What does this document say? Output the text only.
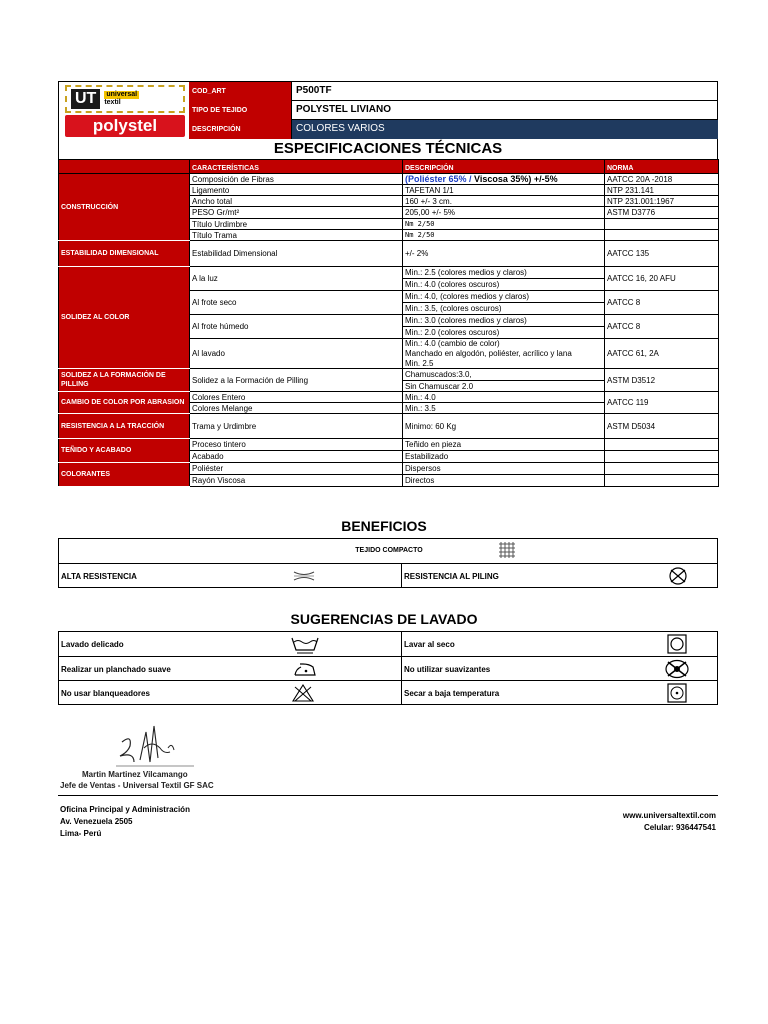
UT	universal
textil
polystel
COD_ART	P500TF
TIPO DE TEJIDO	POLYSTEL LIVIANO
DESCRIPCIÓN	COLORES VARIOS
ESPECIFICACIONES TÉCNICAS
	CARACTERÍSTICAS	DESCRIPCIÓN	NORMA
CONSTRUCCIÓN	Composición de Fibras	(Poliéster 65% / Viscosa 35%) +/-5%	AATCC 20A -2018
	Ligamento	TAFETAN 1/1	NTP 231.141
	Ancho total	160 +/- 3 cm.	NTP 231.001:1967
	PESO Gr/mt²	205,00 +/- 5%	ASTM D3776
	Título Urdimbre	Nm 2/50	
	Título Trama	Nm 2/50	
ESTABILIDAD DIMENSIONAL	Estabilidad Dimensional	+/- 2%	AATCC 135
SOLIDEZ AL COLOR	A la luz	Min.: 2.5 (colores medios y claros)	AATCC 16, 20 AFU
		Min.: 4.0 (colores oscuros)	
	Al frote seco	Min.: 4.0, (colores medios y claros)	AATCC 8
		Min.: 3.5, (colores oscuros)	
	Al frote húmedo	Min.: 3.0 (colores medios y claros)	AATCC 8
		Min.: 2.0 (colores oscuros)	
	Al lavado	Min.: 4.0 (cambio de color)	AATCC 61, 2A
		Manchado en algodón, poliéster, acrílico y lana	
		Min. 2.5	
SOLIDEZ A LA FORMACIÓN DE PILLING	Solidez a la Formación de Pilling	Chamuscados:3.0,	ASTM D3512
		Sin Chamuscar 2.0	
CAMBIO DE COLOR POR ABRASION	Colores Entero	Min.: 4.0	AATCC 119
	Colores Melange	Min.: 3.5	
RESISTENCIA A LA TRACCIÓN	Trama y Urdimbre	Minimo: 60 Kg	ASTM D5034
TEÑIDO Y ACABADO	Proceso tintero	Teñido en pieza	
	Acabado	Estabilizado	
COLORANTES	Poliéster	Dispersos	
	Rayón Viscosa	Directos	
BENEFICIOS
TEJIDO COMPACTO
ALTA RESISTENCIA	RESISTENCIA AL PILING
SUGERENCIAS DE LAVADO
Lavado delicado	Lavar al seco
Realizar un planchado suave	No utilizar suavizantes
No usar blanqueadores	Secar a baja temperatura
Martin Martinez Vilcamango
Jefe de Ventas - Universal Textil GF SAC
Oficina Principal y Administración
Av. Venezuela 2505
Lima- Perú
www.universaltextil.com
Celular: 936447541
